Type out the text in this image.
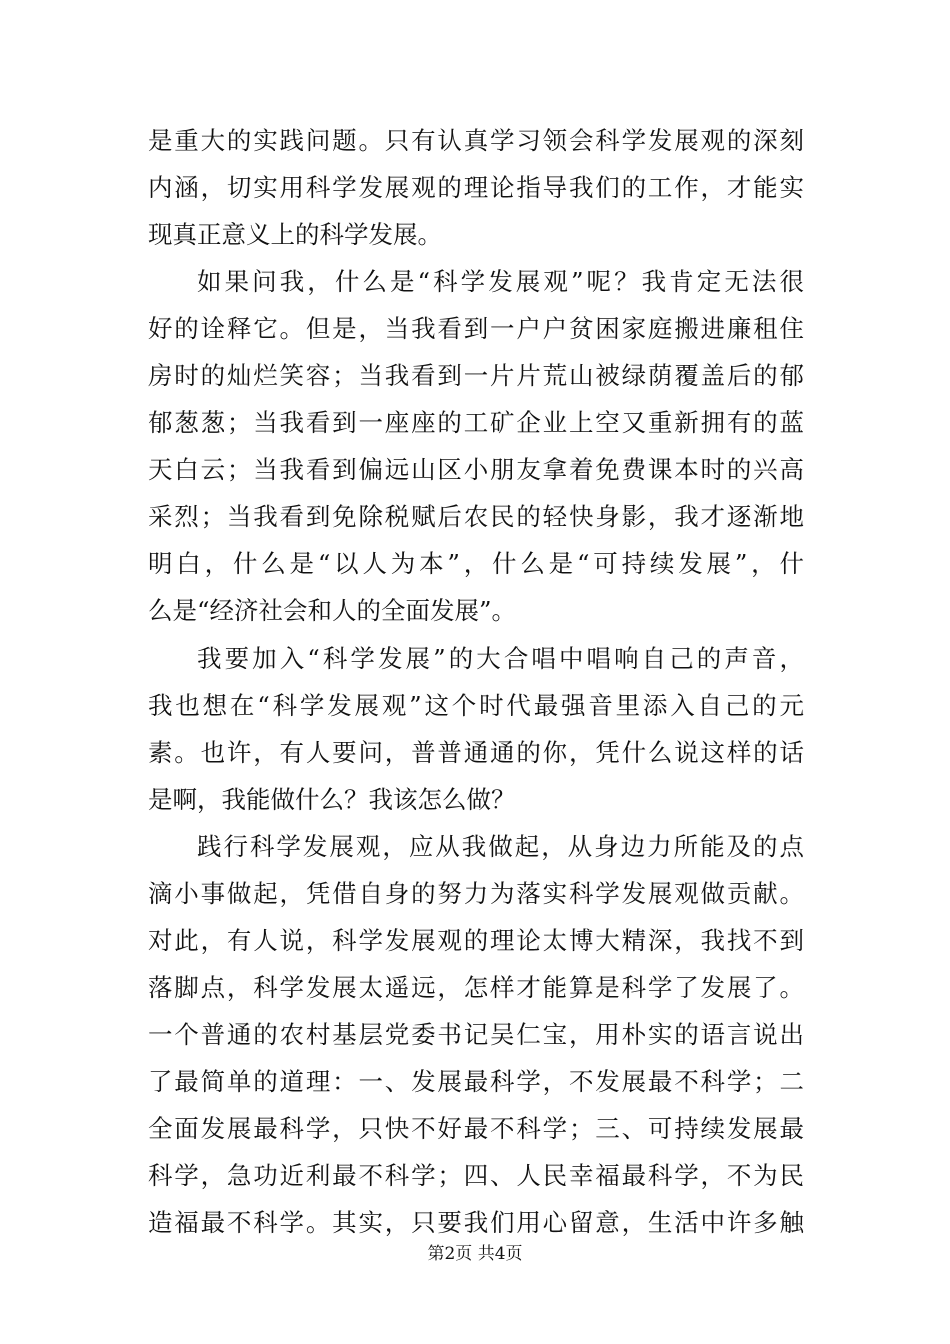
是重大的实践问题。只有认真学习领会科学发展观的深刻
内涵，切实用科学发展观的理论指导我们的工作，才能实
现真正意义上的科学发展。
如果问我，什么是“科学发展观”呢？我肯定无法很
好的诠释它。但是，当我看到一户户贫困家庭搬进廉租住
房时的灿烂笑容；当我看到一片片荒山被绿荫覆盖后的郁
郁葱葱；当我看到一座座的工矿企业上空又重新拥有的蓝
天白云；当我看到偏远山区小朋友拿着免费课本时的兴高
采烈；当我看到免除税赋后农民的轻快身影，我才逐渐地
明白，什么是“以人为本”，什么是“可持续发展”，什
么是“经济社会和人的全面发展”。
我要加入“科学发展”的大合唱中唱响自己的声音，
我也想在“科学发展观”这个时代最强音里添入自己的元
素。也许，有人要问，普普通通的你，凭什么说这样的话
是啊，我能做什么？我该怎么做？
践行科学发展观，应从我做起，从身边力所能及的点
滴小事做起，凭借自身的努力为落实科学发展观做贡献。
对此，有人说，科学发展观的理论太博大精深，我找不到
落脚点，科学发展太遥远，怎样才能算是科学了发展了。
一个普通的农村基层党委书记吴仁宝，用朴实的语言说出
了最简单的道理：一、发展最科学，不发展最不科学；二
全面发展最科学，只快不好最不科学；三、可持续发展最
科学，急功近利最不科学；四、人民幸福最科学，不为民
造福最不科学。其实，只要我们用心留意，生活中许多触
第2页 共4页
